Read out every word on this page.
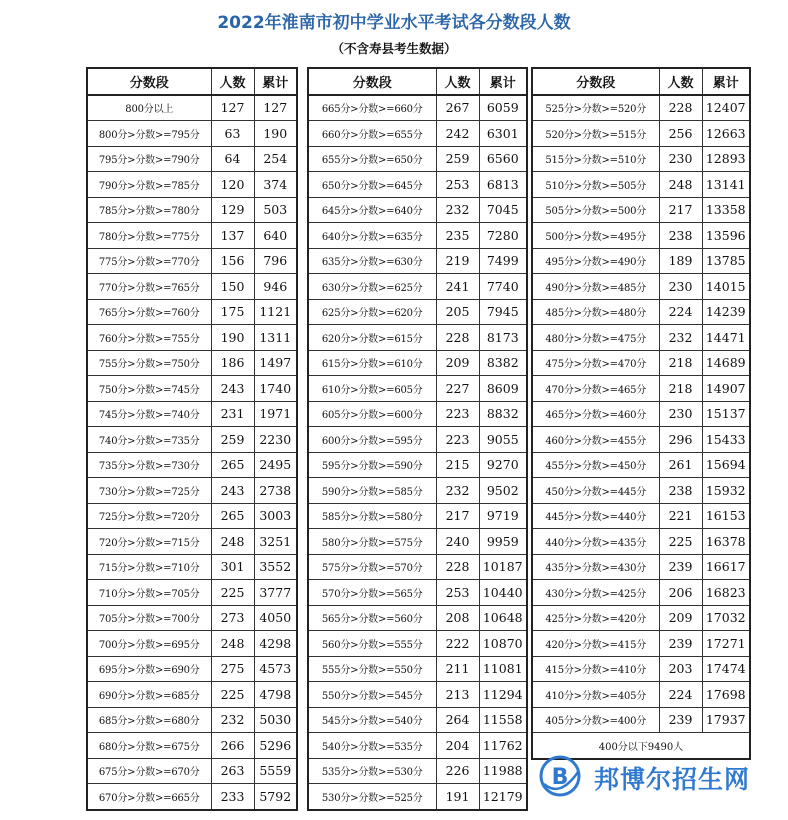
2022年淮南市初中学业水平考试各分数段人数
（不含寿县考生数据）
分数段	人数	累计
800分以上	127	127
800分>分数>=795分	63	190
795分>分数>=790分	64	254
790分>分数>=785分	120	374
785分>分数>=780分	129	503
780分>分数>=775分	137	640
775分>分数>=770分	156	796
770分>分数>=765分	150	946
765分>分数>=760分	175	1121
760分>分数>=755分	190	1311
755分>分数>=750分	186	1497
750分>分数>=745分	243	1740
745分>分数>=740分	231	1971
740分>分数>=735分	259	2230
735分>分数>=730分	265	2495
730分>分数>=725分	243	2738
725分>分数>=720分	265	3003
720分>分数>=715分	248	3251
715分>分数>=710分	301	3552
710分>分数>=705分	225	3777
705分>分数>=700分	273	4050
700分>分数>=695分	248	4298
695分>分数>=690分	275	4573
690分>分数>=685分	225	4798
685分>分数>=680分	232	5030
680分>分数>=675分	266	5296
675分>分数>=670分	263	5559
670分>分数>=665分	233	5792
分数段	人数	累计
665分>分数>=660分	267	6059
660分>分数>=655分	242	6301
655分>分数>=650分	259	6560
650分>分数>=645分	253	6813
645分>分数>=640分	232	7045
640分>分数>=635分	235	7280
635分>分数>=630分	219	7499
630分>分数>=625分	241	7740
625分>分数>=620分	205	7945
620分>分数>=615分	228	8173
615分>分数>=610分	209	8382
610分>分数>=605分	227	8609
605分>分数>=600分	223	8832
600分>分数>=595分	223	9055
595分>分数>=590分	215	9270
590分>分数>=585分	232	9502
585分>分数>=580分	217	9719
580分>分数>=575分	240	9959
575分>分数>=570分	228	10187
570分>分数>=565分	253	10440
565分>分数>=560分	208	10648
560分>分数>=555分	222	10870
555分>分数>=550分	211	11081
550分>分数>=545分	213	11294
545分>分数>=540分	264	11558
540分>分数>=535分	204	11762
535分>分数>=530分	226	11988
530分>分数>=525分	191	12179
分数段	人数	累计
525分>分数>=520分	228	12407
520分>分数>=515分	256	12663
515分>分数>=510分	230	12893
510分>分数>=505分	248	13141
505分>分数>=500分	217	13358
500分>分数>=495分	238	13596
495分>分数>=490分	189	13785
490分>分数>=485分	230	14015
485分>分数>=480分	224	14239
480分>分数>=475分	232	14471
475分>分数>=470分	218	14689
470分>分数>=465分	218	14907
465分>分数>=460分	230	15137
460分>分数>=455分	296	15433
455分>分数>=450分	261	15694
450分>分数>=445分	238	15932
445分>分数>=440分	221	16153
440分>分数>=435分	225	16378
435分>分数>=430分	239	16617
430分>分数>=425分	206	16823
425分>分数>=420分	209	17032
420分>分数>=415分	239	17271
415分>分数>=410分	203	17474
410分>分数>=405分	224	17698
405分>分数>=400分	239	17937
400分以下9490人		
B 邦博尔招生网
